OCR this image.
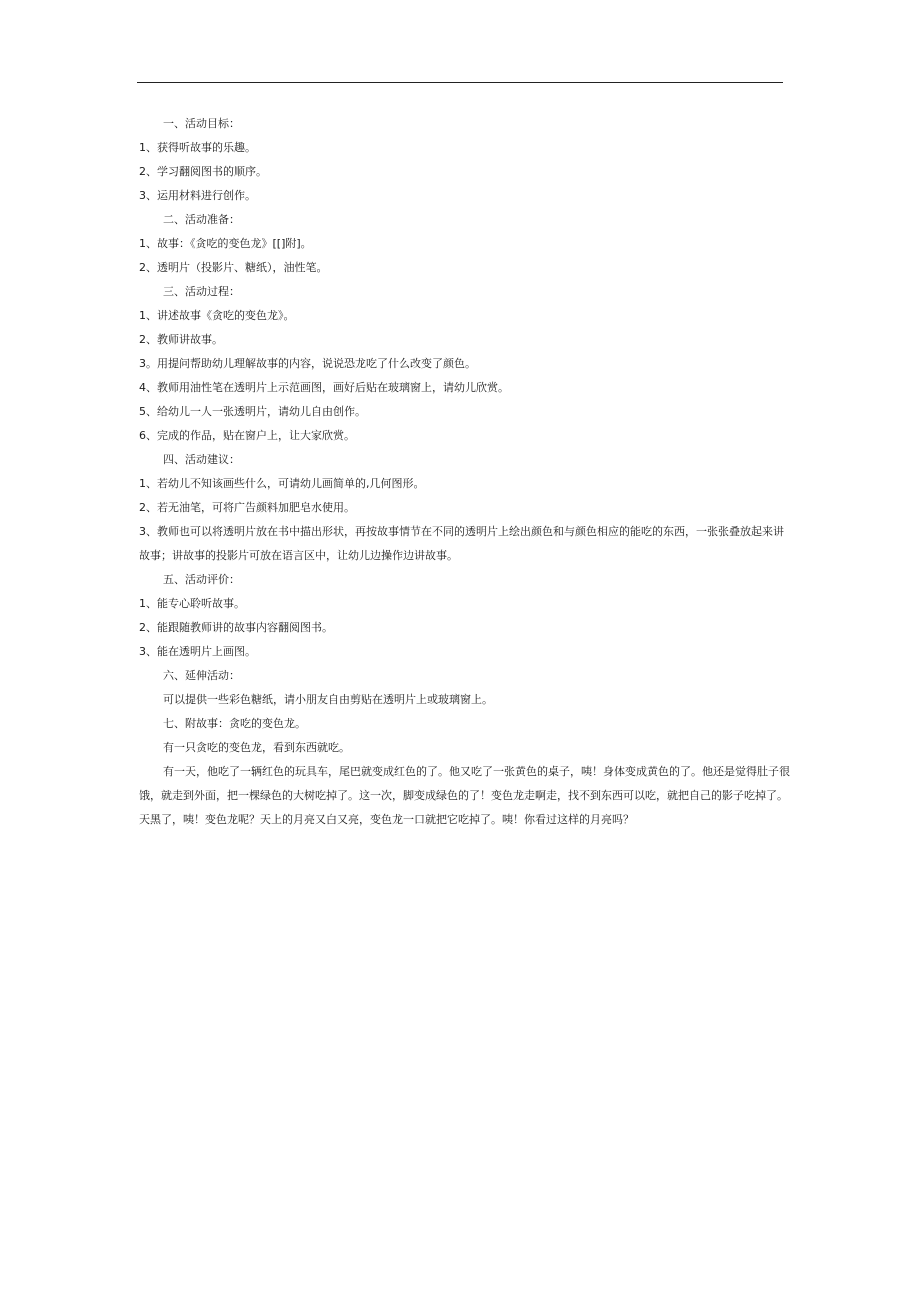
一、活动目标：
1、获得听故事的乐趣。
2、学习翻阅图书的顺序。
3、运用材料进行创作。
二、活动准备：
1、故事：《贪吃的变色龙》[[]附]。
2、透明片（投影片、糖纸），油性笔。
三、活动过程：
1、讲述故事《贪吃的变色龙》。
2、教师讲故事。
3。用提问帮助幼儿理解故事的内容，说说恐龙吃了什么改变了颜色。
4、教师用油性笔在透明片上示范画图，画好后贴在玻璃窗上，请幼儿欣赏。
5、给幼儿一人一张透明片，请幼儿自由创作。
6、完成的作品，贴在窗户上，让大家欣赏。
四、活动建议：
1、若幼儿不知该画些什么，可请幼儿画简单的,几何图形。
2、若无油笔，可将广告颜料加肥皂水使用。
3、教师也可以将透明片放在书中描出形状，再按故事情节在不同的透明片上绘出颜色和与颜色相应的能吃的东西，一张张叠放起来讲故事；讲故事的投影片可放在语言区中，让幼儿边操作边讲故事。
五、活动评价：
1、能专心聆听故事。
2、能跟随教师讲的故事内容翻阅图书。
3、能在透明片上画图。
六、延伸活动：
可以提供一些彩色糖纸，请小朋友自由剪贴在透明片上或玻璃窗上。
七、附故事：贪吃的变色龙。
有一只贪吃的变色龙，看到东西就吃。
有一天，他吃了一辆红色的玩具车，尾巴就变成红色的了。他又吃了一张黄色的桌子，咦！身体变成黄色的了。他还是觉得肚子很饿，就走到外面，把一棵绿色的大树吃掉了。这一次，脚变成绿色的了！变色龙走啊走，找不到东西可以吃，就把自己的影子吃掉了。天黑了，咦！变色龙呢？天上的月亮又白又亮，变色龙一口就把它吃掉了。咦！你看过这样的月亮吗？
